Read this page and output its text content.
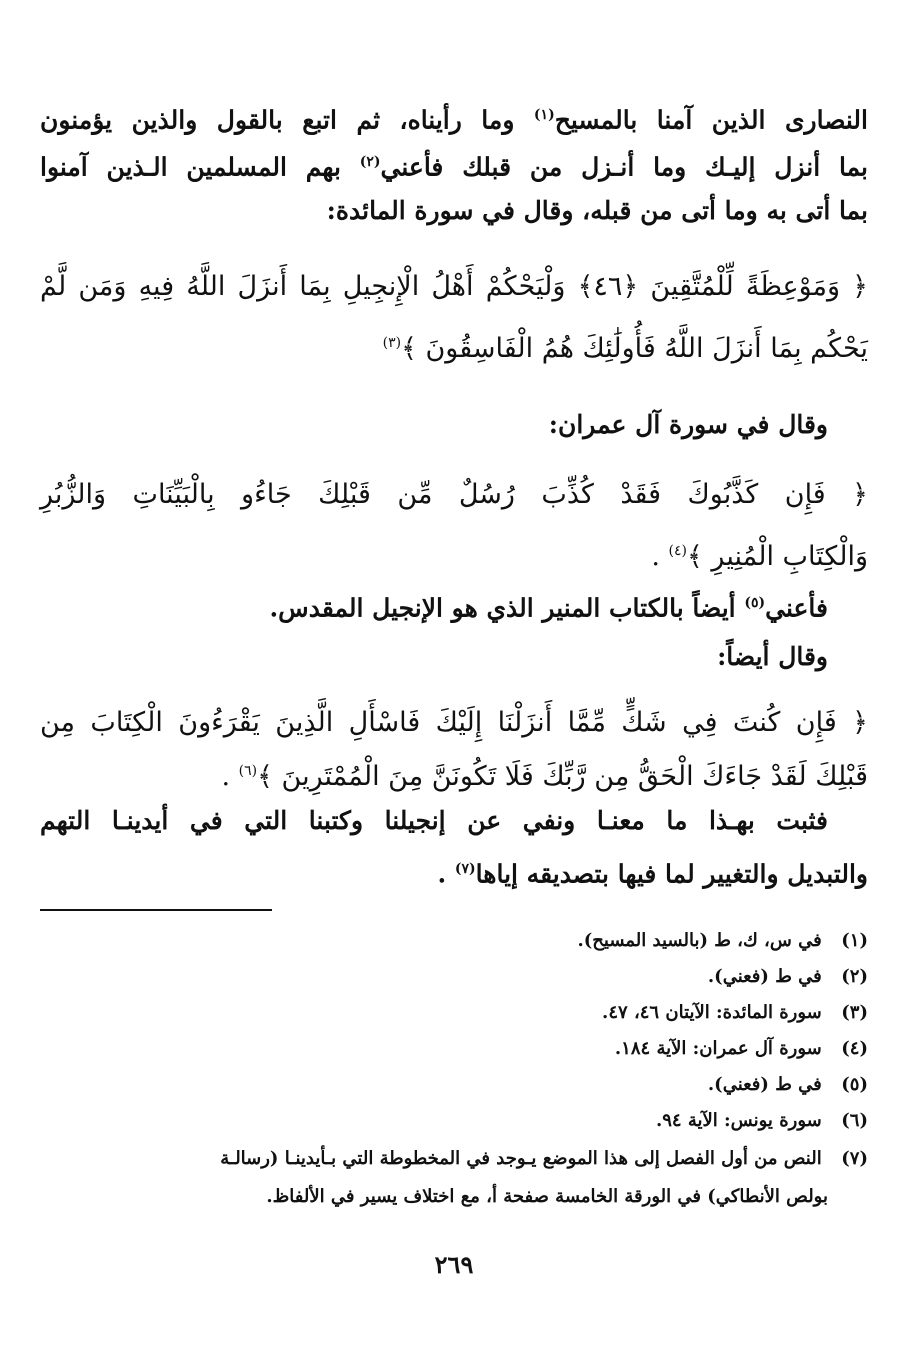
النصارى الذين آمنا بالمسيح$^{(١)}$ وما رأيناه، ثم اتبع بالقول والذين يؤمنون
بما أنزل إليـك وما أنـزل من قبلك فأعني$^{(٢)}$ بهم المسلمين الـذين آمنوا
بما أتى به وما أتى من قبله، وقال في سورة المائدة:
﴿ وَمَوْعِظَةً لِّلْمُتَّقِينَ ﴿٤٦﴾ وَلْيَحْكُمْ أَهْلُ الْإِنجِيلِ بِمَا أَنزَلَ اللَّهُ فِيهِ وَمَن لَّمْ
يَحْكُم بِمَا أَنزَلَ اللَّهُ فَأُولَٰئِكَ هُمُ الْفَاسِقُونَ ﴾$^{(٣)}$
وقال في سورة آل عمران:
﴿ فَإِن كَذَّبُوكَ فَقَدْ كُذِّبَ رُسُلٌ مِّن قَبْلِكَ جَاءُو بِالْبَيِّنَاتِ وَالزُّبُرِ
وَالْكِتَابِ الْمُنِيرِ ﴾$^{(٤)}$ .
فأعني$^{(٥)}$ أيضاً بالكتاب المنير الذي هو الإنجيل المقدس.
وقال أيضاً:
﴿ فَإِن كُنتَ فِي شَكٍّ مِّمَّا أَنزَلْنَا إِلَيْكَ فَاسْأَلِ الَّذِينَ يَقْرَءُونَ الْكِتَابَ مِن
قَبْلِكَ لَقَدْ جَاءَكَ الْحَقُّ مِن رَّبِّكَ فَلَا تَكُونَنَّ مِنَ الْمُمْتَرِينَ ﴾$^{(٦)}$ .
فثبت بهـذا ما معنـا ونفي عن إنجيلنا وكتبنا التي في أيدينـا التهم
والتبديل والتغيير لما فيها بتصديقه إياها$^{(٧)}$ .
(١) في س، ك، ط (بالسيد المسيح).
(٢) في ط (فعني).
(٣) سورة المائدة: الآيتان ٤٦، ٤٧.
(٤) سورة آل عمران: الآية ١٨٤.
(٥) في ط (فعني).
(٦) سورة يونس: الآية ٩٤.
(٧) النص من أول الفصل إلى هذا الموضع يـوجد في المخطوطة التي بـأيدينـا (رسالـة
بولص الأنطاكي) في الورقة الخامسة صفحة أ، مع اختلاف يسير في الألفاظ.
٢٦٩
